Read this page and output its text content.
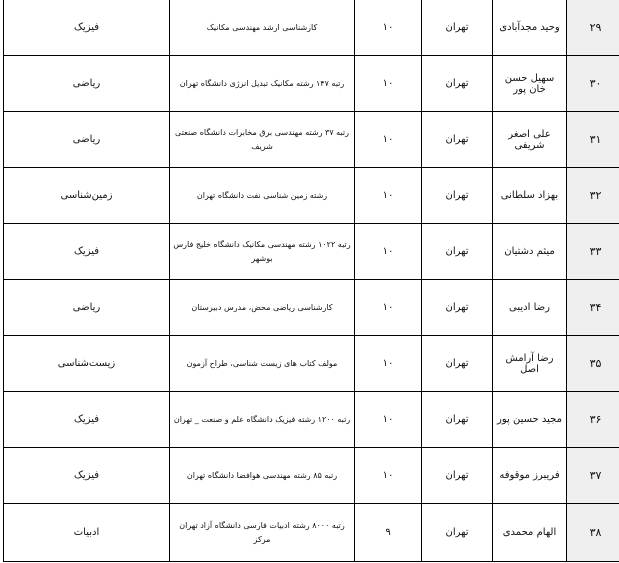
۲۹	وحید مجدآبادی	تهران	۱۰	کارشناسی ارشد مهندسی مکانیک	فیزیک
۳۰	سهیل حسن خان پور	تهران	۱۰	رتبه ۱۴۷ رشته مکانیک تبدیل انرژی دانشگاه تهران	ریاضی
۳۱	علی اصغر شریفی	تهران	۱۰	رتبه ۳۷ رشته مهندسی برق مخابرات دانشگاه صنعتی شریف	ریاضی
۳۲	بهزاد سلطانی	تهران	۱۰	رشته زمین شناسی نفت دانشگاه تهران	زمین‌شناسی
۳۳	میثم دشتیان	تهران	۱۰	رتبه ۱۰۲۲ رشته مهندسی مکانیک دانشگاه خلیج فارس بوشهر	فیزیک
۳۴	رضا ادیبی	تهران	۱۰	کارشناسی ریاضی محض، مدرس دبیرستان	ریاضی
۳۵	رضا آرامش اصل	تهران	۱۰	مولف کتاب های زیست شناسی، طراح آزمون	زیست‌شناسی
۳۶	مجید حسین پور	تهران	۱۰	رتبه ۱۲۰۰ رشته فیزیک دانشگاه علم و صنعت _ تهران	فیزیک
۳۷	فریبرز موقوفه	تهران	۱۰	رتبه ۸۵ رشته مهندسی هوافضا دانشگاه تهران	فیزیک
۳۸	الهام محمدی	تهران	۹	رتبه ۸۰۰۰ رشته ادبیات فارسی دانشگاه آزاد تهران مرکز	ادبیات
